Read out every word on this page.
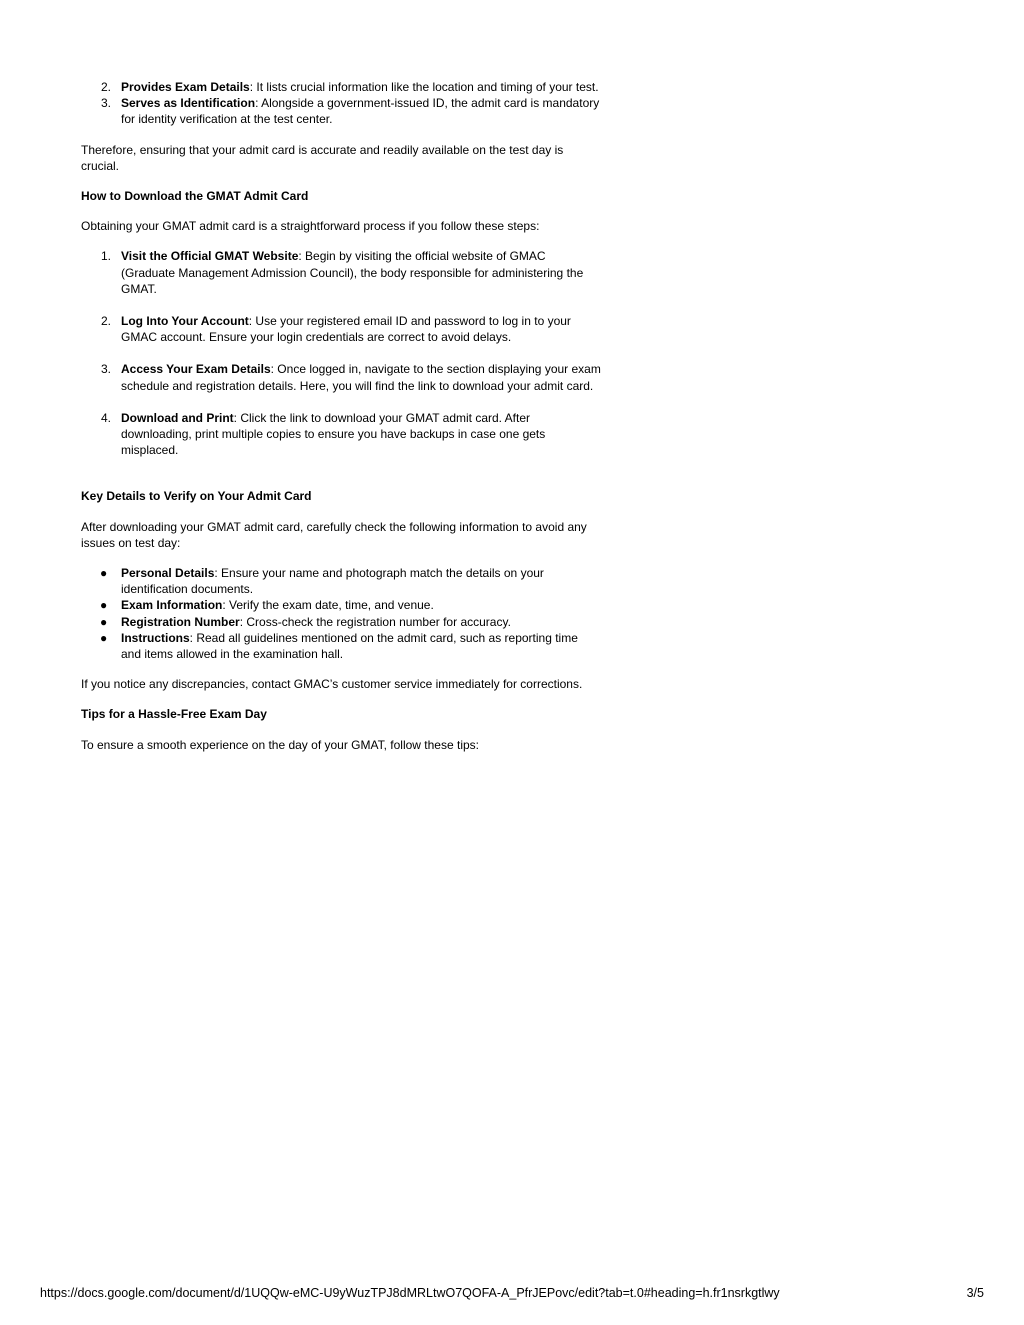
2. Provides Exam Details: It lists crucial information like the location and timing of your test.
3. Serves as Identification: Alongside a government-issued ID, the admit card is mandatory for identity verification at the test center.

Therefore, ensuring that your admit card is accurate and readily available on the test day is crucial.

How to Download the GMAT Admit Card

Obtaining your GMAT admit card is a straightforward process if you follow these steps:

1. Visit the Official GMAT Website: Begin by visiting the official website of GMAC (Graduate Management Admission Council), the body responsible for administering the GMAT.
2. Log Into Your Account: Use your registered email ID and password to log in to your GMAC account. Ensure your login credentials are correct to avoid delays.
3. Access Your Exam Details: Once logged in, navigate to the section displaying your exam schedule and registration details. Here, you will find the link to download your admit card.
4. Download and Print: Click the link to download your GMAT admit card. After downloading, print multiple copies to ensure you have backups in case one gets misplaced.

Key Details to Verify on Your Admit Card

After downloading your GMAT admit card, carefully check the following information to avoid any issues on test day:

● Personal Details: Ensure your name and photograph match the details on your identification documents.
● Exam Information: Verify the exam date, time, and venue.
● Registration Number: Cross-check the registration number for accuracy.
● Instructions: Read all guidelines mentioned on the admit card, such as reporting time and items allowed in the examination hall.

If you notice any discrepancies, contact GMAC’s customer service immediately for corrections.

Tips for a Hassle-Free Exam Day

To ensure a smooth experience on the day of your GMAT, follow these tips:

https://docs.google.com/document/d/1UQQw-eMC-U9yWuzTPJ8dMRLtwO7QOFA-A_PfrJEPovc/edit?tab=t.0#heading=h.fr1nsrkgtlwy	3/5
